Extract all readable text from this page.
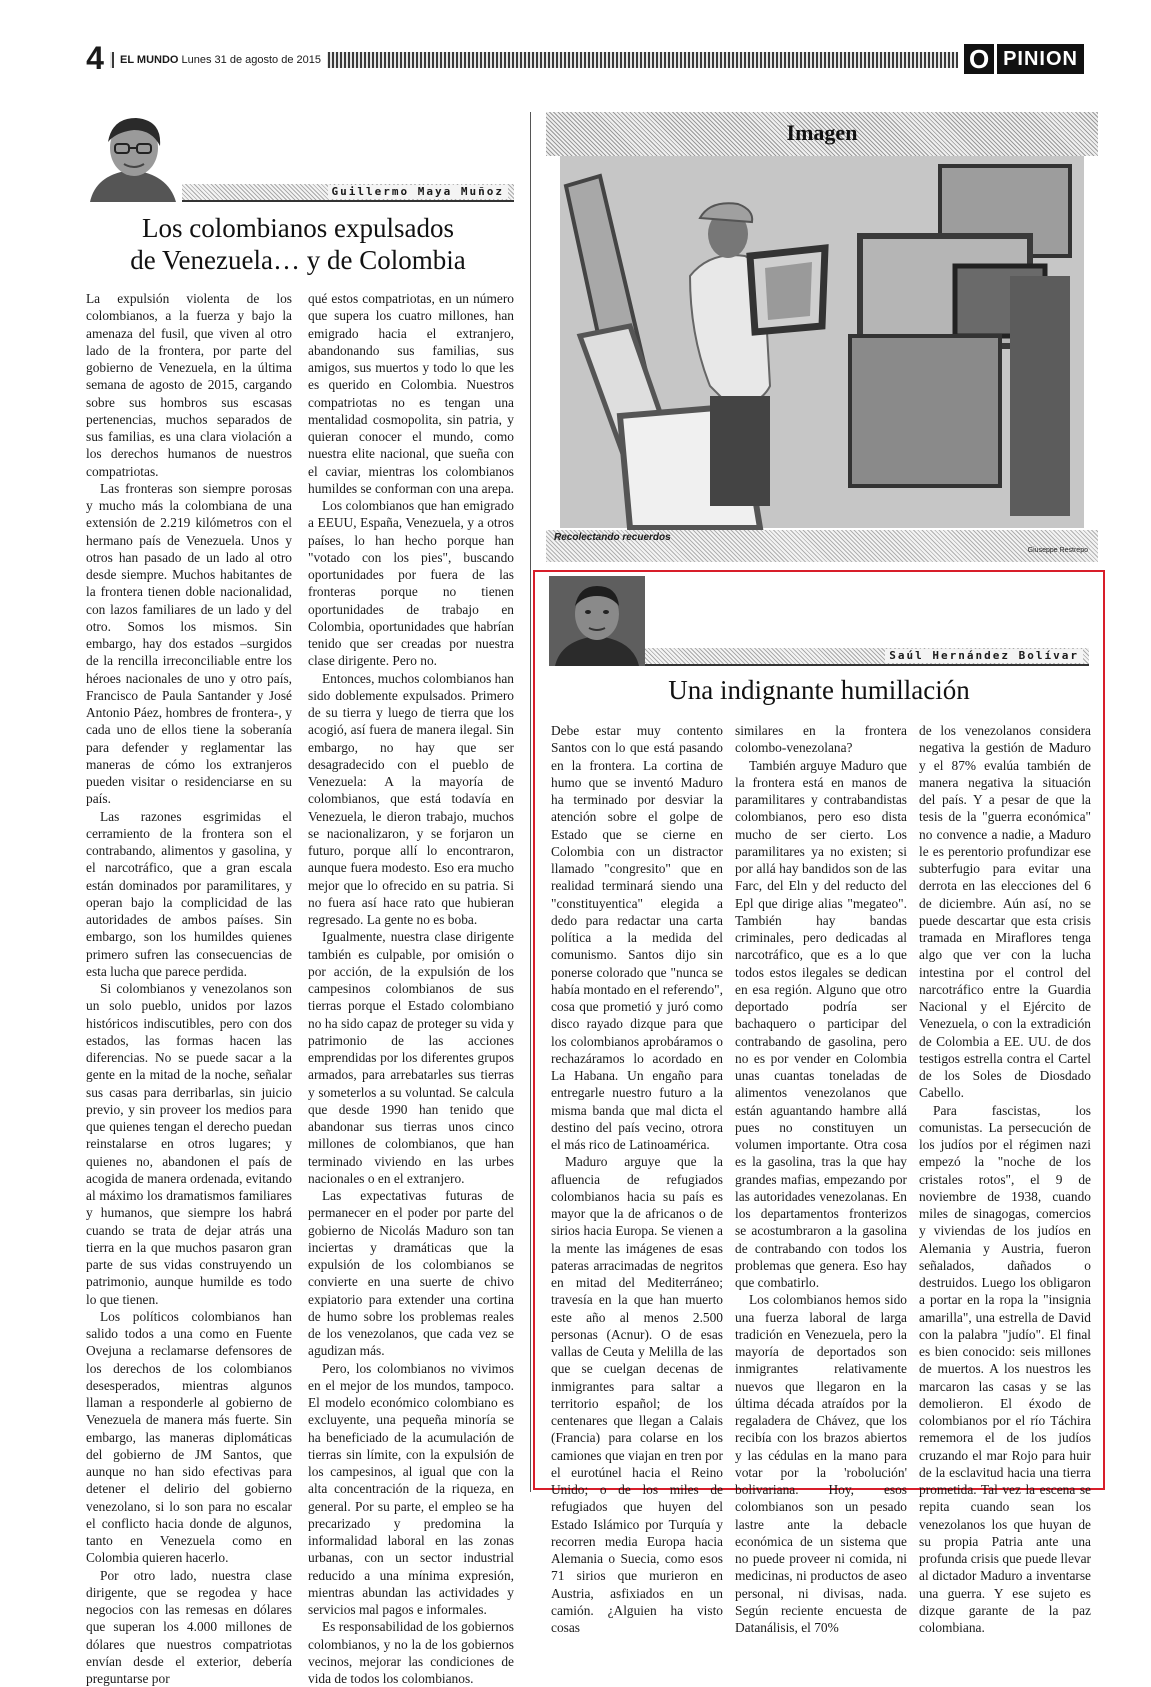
4	EL MUNDO Lunes 31 de agosto de 2015	O PINION
Guillermo Maya Muñoz
Los colombianos expulsados
de Venezuela… y de Colombia

La expulsión violenta de los colombianos, a la fuerza y bajo la amenaza del fusil, que viven al otro lado de la frontera, por parte del gobierno de Venezuela, en la última semana de agosto de 2015, cargando sobre sus hombros sus escasas pertenencias, muchos separados de sus familias, es una clara violación a los derechos humanos de nuestros compatriotas.

Las fronteras son siempre porosas y mucho más la colombiana de una extensión de 2.219 kilómetros con el hermano país de Venezuela. Unos y otros han pasado de un lado al otro desde siempre. Muchos habitantes de la frontera tienen doble nacionalidad, con lazos familiares de un lado y del otro. Somos los mismos. Sin embargo, hay dos estados –surgidos de la rencilla irreconciliable entre los héroes nacionales de uno y otro país, Francisco de Paula Santander y José Antonio Páez, hombres de frontera-, y cada uno de ellos tiene la soberanía para defender y reglamentar las maneras de cómo los extranjeros pueden visitar o residenciarse en su país.

Las razones esgrimidas el cerramiento de la frontera son el contrabando, alimentos y gasolina, y el narcotráfico, que a gran escala están dominados por paramilitares, y operan bajo la complicidad de las autoridades de ambos países. Sin embargo, son los humildes quienes primero sufren las consecuencias de esta lucha que parece perdida.

Si colombianos y venezolanos son un solo pueblo, unidos por lazos históricos indiscutibles, pero con dos estados, las formas hacen las diferencias. No se puede sacar a la gente en la mitad de la noche, señalar sus casas para derribarlas, sin juicio previo, y sin proveer los medios para que quienes tengan el derecho puedan reinstalarse en otros lugares; y quienes no, abandonen el país de acogida de manera ordenada, evitando al máximo los dramatismos familiares y humanos, que siempre los habrá cuando se trata de dejar atrás una tierra en la que muchos pasaron gran parte de sus vidas construyendo un patrimonio, aunque humilde es todo lo que tienen.

Los políticos colombianos han salido todos a una como en Fuente Ovejuna a reclamarse defensores de los derechos de los colombianos desesperados, mientras algunos llaman a responderle al gobierno de Venezuela de manera más fuerte. Sin embargo, las maneras diplomáticas del gobierno de JM Santos, que aunque no han sido efectivas para detener el delirio del gobierno venezolano, si lo son para no escalar el conflicto hacia donde de algunos, tanto en Venezuela como en Colombia quieren hacerlo.

Por otro lado, nuestra clase dirigente, que se regodea y hace negocios con las remesas en dólares que superan los 4.000 millones de dólares que nuestros compatriotas envían desde el exterior, debería preguntarse por

qué estos compatriotas, en un número que supera los cuatro millones, han emigrado hacia el extranjero, abandonando sus familias, sus amigos, sus muertos y todo lo que les es querido en Colombia. Nuestros compatriotas no es tengan una mentalidad cosmopolita, sin patria, y quieran conocer el mundo, como nuestra elite nacional, que sueña con el caviar, mientras los colombianos humildes se conforman con una arepa.

Los colombianos que han emigrado a EEUU, España, Venezuela, y a otros países, lo han hecho porque han "votado con los pies", buscando oportunidades por fuera de las fronteras porque no tienen oportunidades de trabajo en Colombia, oportunidades que habrían tenido que ser creadas por nuestra clase dirigente. Pero no.

Entonces, muchos colombianos han sido doblemente expulsados. Primero de su tierra y luego de tierra que los acogió, así fuera de manera ilegal. Sin embargo, no hay que ser desagradecido con el pueblo de Venezuela: A la mayoría de colombianos, que está todavía en Venezuela, le dieron trabajo, muchos se nacionalizaron, y se forjaron un futuro, porque allí lo encontraron, aunque fuera modesto. Eso era mucho mejor que lo ofrecido en su patria. Si no fuera así hace rato que hubieran regresado. La gente no es boba.

Igualmente, nuestra clase dirigente también es culpable, por omisión o por acción, de la expulsión de los campesinos colombianos de sus tierras porque el Estado colombiano no ha sido capaz de proteger su vida y patrimonio de las acciones emprendidas por los diferentes grupos armados, para arrebatarles sus tierras y someterlos a su voluntad. Se calcula que desde 1990 han tenido que abandonar sus tierras unos cinco millones de colombianos, que han terminado viviendo en las urbes nacionales o en el extranjero.

Las expectativas futuras de permanecer en el poder por parte del gobierno de Nicolás Maduro son tan inciertas y dramáticas que la expulsión de los colombianos se convierte en una suerte de chivo expiatorio para extender una cortina de humo sobre los problemas reales de los venezolanos, que cada vez se agudizan más.

Pero, los colombianos no vivimos en el mejor de los mundos, tampoco. El modelo económico colombiano es excluyente, una pequeña minoría se ha beneficiado de la acumulación de tierras sin límite, con la expulsión de los campesinos, al igual que con la alta concentración de la riqueza, en general. Por su parte, el empleo se ha precarizado y predomina la informalidad laboral en las zonas urbanas, con un sector industrial reducido a una mínima expresión, mientras abundan las actividades y servicios mal pagos e informales.

Es responsabilidad de los gobiernos colombianos, y no la de los gobiernos vecinos, mejorar las condiciones de vida de todos los colombianos.

Imagen
Recolectando recuerdos
Giuseppe Restrepo
Saúl Hernández Bolívar
Una indignante humillación

Debe estar muy contento Santos con lo que está pasando en la frontera. La cortina de humo que se inventó Maduro ha terminado por desviar la atención sobre el golpe de Estado que se cierne en Colombia con un distractor llamado "congresito" que en realidad terminará siendo una "constituyentica" elegida a dedo para redactar una carta política a la medida del comunismo. Santos dijo sin ponerse colorado que "nunca se había montado en el referendo", cosa que prometió y juró como disco rayado dizque para que los colombianos aprobáramos o rechazáramos lo acordado en La Habana. Un engaño para entregarle nuestro futuro a la misma banda que mal dicta el destino del país vecino, otrora el más rico de Latinoamérica.

Maduro arguye que la afluencia de refugiados colombianos hacia su país es mayor que la de africanos o de sirios hacia Europa. Se vienen a la mente las imágenes de esas pateras arracimadas de negritos en mitad del Mediterráneo; travesía en la que han muerto este año al menos 2.500 personas (Acnur). O de esas vallas de Ceuta y Melilla de las que se cuelgan decenas de inmigrantes para saltar a territorio español; de los centenares que llegan a Calais (Francia) para colarse en los camiones que viajan en tren por el eurotúnel hacia el Reino Unido; o de los miles de refugiados que huyen del Estado Islámico por Turquía y recorren media Europa hacia Alemania o Suecia, como esos 71 sirios que murieron en Austria, asfixiados en un camión. ¿Alguien ha visto cosas

similares en la frontera colombo-venezolana?

También arguye Maduro que la frontera está en manos de paramilitares y contrabandistas colombianos, pero eso dista mucho de ser cierto. Los paramilitares ya no existen; si por allá hay bandidos son de las Farc, del Eln y del reducto del Epl que dirige alias "megateo". También hay bandas criminales, pero dedicadas al narcotráfico, que es a lo que todos estos ilegales se dedican en esa región. Alguno que otro deportado podría ser bachaquero o participar del contrabando de gasolina, pero no es por vender en Colombia unas cuantas toneladas de alimentos venezolanos que están aguantando hambre allá pues no constituyen un volumen importante. Otra cosa es la gasolina, tras la que hay grandes mafias, empezando por las autoridades venezolanas. En los departamentos fronterizos se acostumbraron a la gasolina de contrabando con todos los problemas que genera. Eso hay que combatirlo.

Los colombianos hemos sido una fuerza laboral de larga tradición en Venezuela, pero la mayoría de deportados son inmigrantes relativamente nuevos que llegaron en la última década atraídos por la regaladera de Chávez, que los recibía con los brazos abiertos y las cédulas en la mano para votar por la 'robolución' bolivariana. Hoy, esos colombianos son un pesado lastre ante la debacle económica de un sistema que no puede proveer ni comida, ni medicinas, ni productos de aseo personal, ni divisas, nada. Según reciente encuesta de Datanálisis, el 70%

de los venezolanos considera negativa la gestión de Maduro y el 87% evalúa también de manera negativa la situación del país. Y a pesar de que la tesis de la "guerra económica" no convence a nadie, a Maduro le es perentorio profundizar ese subterfugio para evitar una derrota en las elecciones del 6 de diciembre. Aún así, no se puede descartar que esta crisis tramada en Miraflores tenga algo que ver con la lucha intestina por el control del narcotráfico entre la Guardia Nacional y el Ejército de Venezuela, o con la extradición de Colombia a EE. UU. de dos testigos estrella contra el Cartel de los Soles de Diosdado Cabello.

Para fascistas, los comunistas. La persecución de los judíos por el régimen nazi empezó la "noche de los cristales rotos", el 9 de noviembre de 1938, cuando miles de sinagogas, comercios y viviendas de los judíos en Alemania y Austria, fueron señalados, dañados o destruidos. Luego los obligaron a portar en la ropa la "insignia amarilla", una estrella de David con la palabra "judío". El final es bien conocido: seis millones de muertos. A los nuestros les marcaron las casas y se las demolieron. El éxodo de colombianos por el río Táchira rememora el de los judíos cruzando el mar Rojo para huir de la esclavitud hacia una tierra prometida. Tal vez la escena se repita cuando sean los venezolanos los que huyan de su propia Patria ante una profunda crisis que puede llevar al dictador Maduro a inventarse una guerra. Y ese sujeto es dizque garante de la paz colombiana.
